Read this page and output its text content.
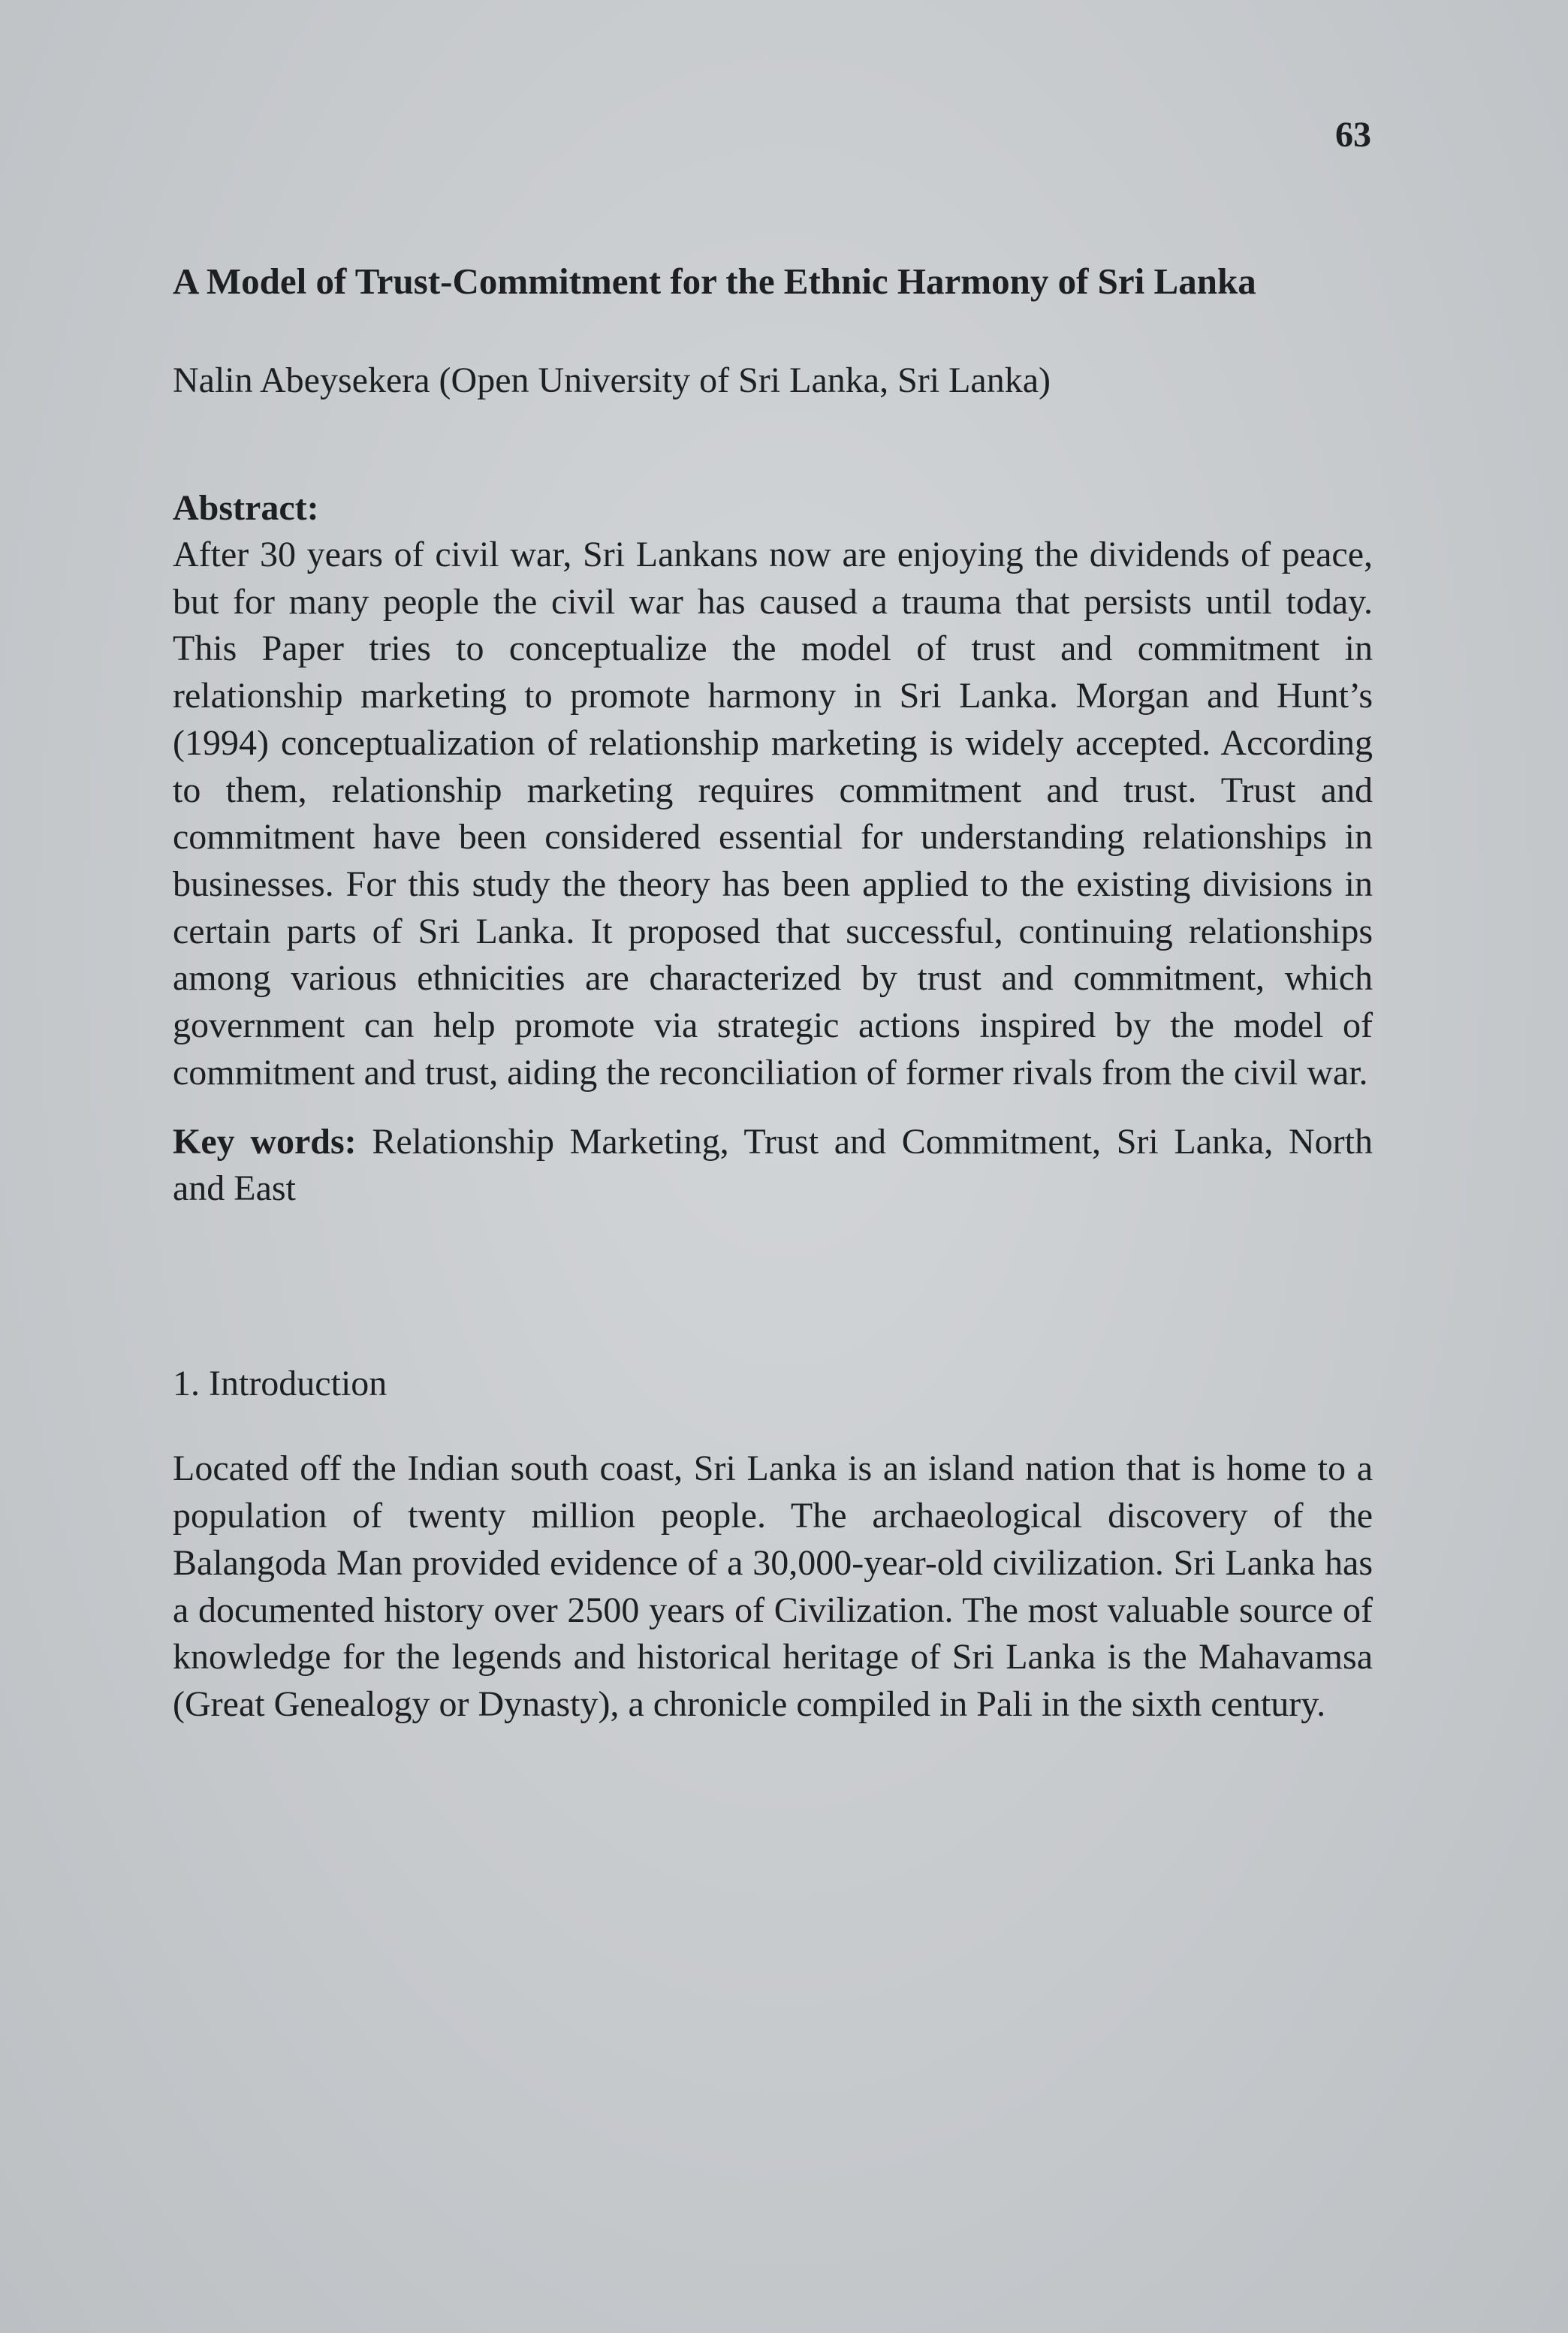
63
A Model of Trust-Commitment for the Ethnic Harmony of Sri Lanka
Nalin Abeysekera (Open University of Sri Lanka, Sri Lanka)
Abstract:

After 30 years of civil war, Sri Lankans now are enjoying the dividends of peace, but for many people the civil war has caused a trauma that persists until today. This Paper tries to conceptualize the model of trust and commitment in relationship marketing to promote harmony in Sri Lanka. Morgan and Hunt’s (1994) conceptualization of relationship marketing is widely accepted. According to them, relationship marketing requires commitment and trust. Trust and commitment have been considered essential for understanding relationships in businesses. For this study the theory has been applied to the existing divisions in certain parts of Sri Lanka. It proposed that successful, continuing relationships among various ethnicities are characterized by trust and commitment, which government can help promote via strategic actions inspired by the model of commitment and trust, aiding the reconciliation of former rivals from the civil war.

Key words: Relationship Marketing, Trust and Commitment, Sri Lanka, North and East
1. Introduction
Located off the Indian south coast, Sri Lanka is an island nation that is home to a population of twenty million people. The archaeological discovery of the Balangoda Man provided evidence of a 30,000-year-old civilization. Sri Lanka has a documented history over 2500 years of Civilization. The most valuable source of knowledge for the legends and historical heritage of Sri Lanka is the Mahavamsa (Great Genealogy or Dynasty), a chronicle compiled in Pali in the sixth century.
